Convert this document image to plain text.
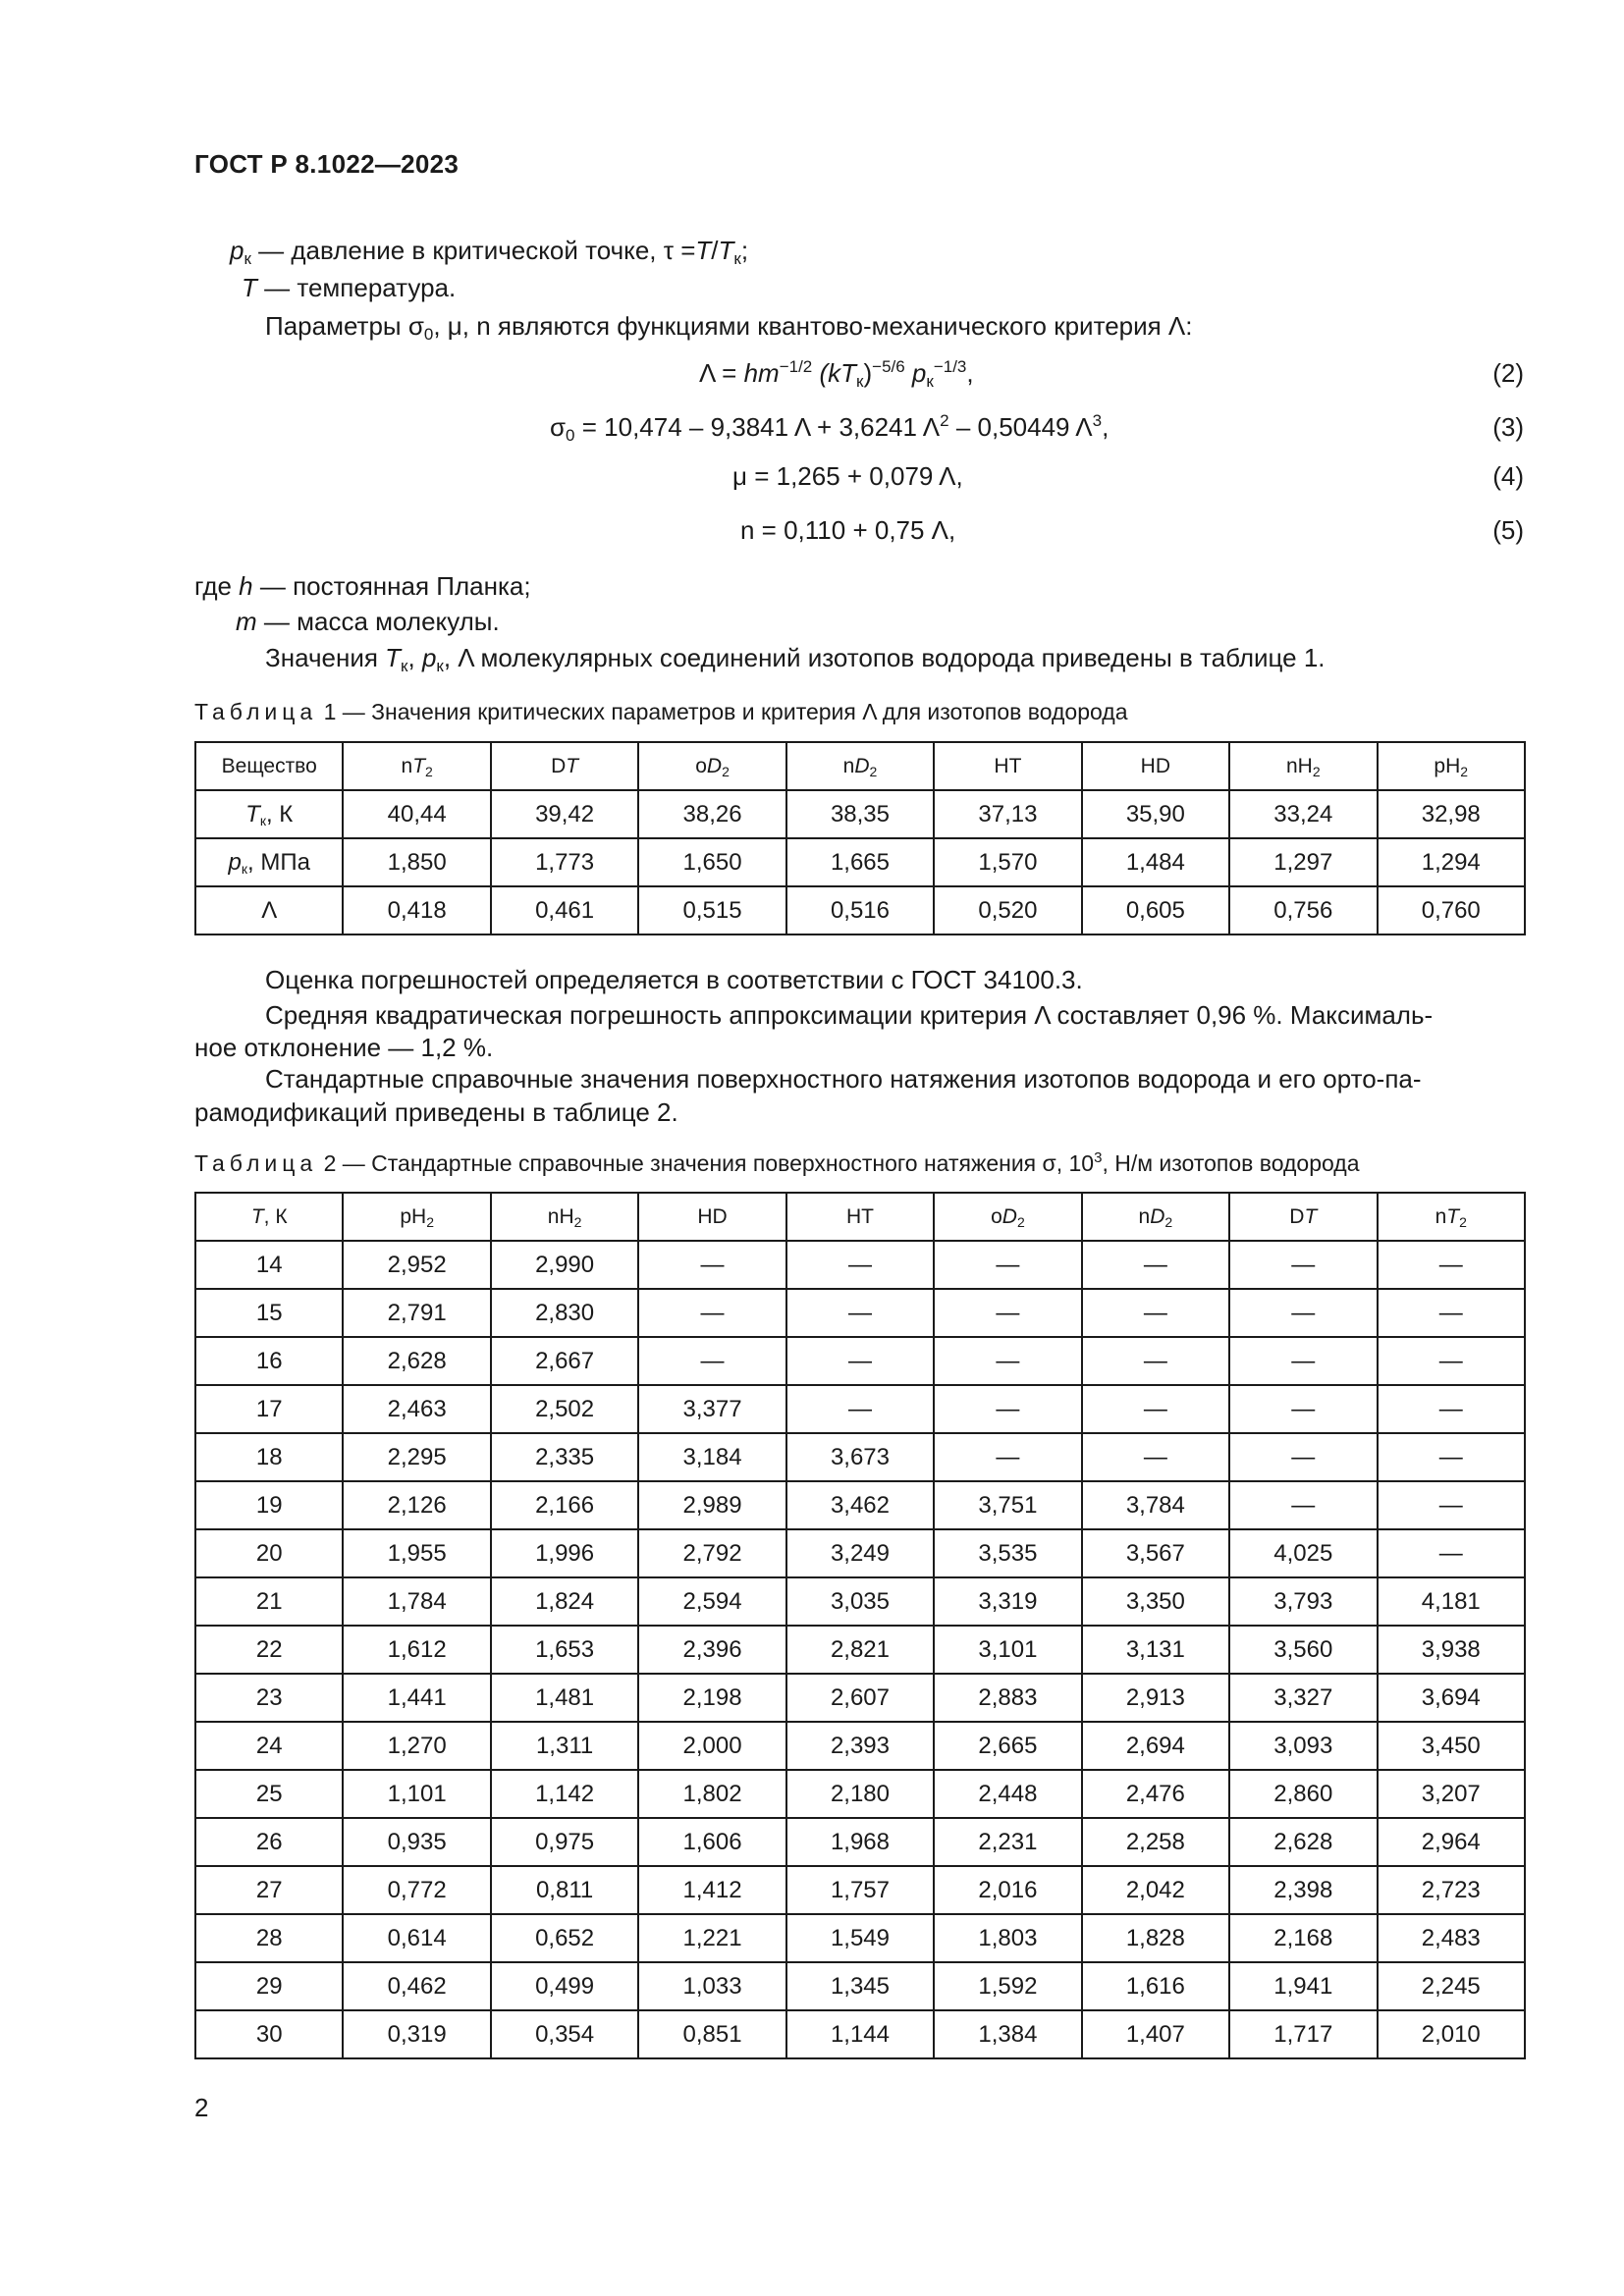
ГОСТ Р 8.1022—2023
$p_к$ — давление в критической точке, $\tau =T/T_к$;
T — температура.
Параметры $\sigma_0$, μ, n являются функциями квантово-механического критерия Λ:
$\Lambda = hm^{-1/2}$ $(kT_к)^{-5/6}$ $p_к^{-1/3}$,	(2)
$\sigma_0 = 10,474 - 9,3841$ Λ + 3,6241 $\Lambda^2 - 0,50449$ $\Lambda^3$,	(3)
μ = 1,265 + 0,079 Λ,	(4)
n = 0,110 + 0,75 Λ,	(5)
где h — постоянная Планка;
m — масса молекулы.
Значения $T_к$, $p_к$, Λ молекулярных соединений изотопов водорода приведены в таблице 1.
Таблица 1 — Значения критических параметров и критерия Λ для изотопов водорода
Вещество	$nT_2$	DT	$oD_2$	$nD_2$	HT	HD	$nH_2$	$pH_2$
$T_к$, К	40,44	39,42	38,26	38,35	37,13	35,90	33,24	32,98
$p_к$, МПа	1,850	1,773	1,650	1,665	1,570	1,484	1,297	1,294
Λ	0,418	0,461	0,515	0,516	0,520	0,605	0,756	0,760
Оценка погрешностей определяется в соответствии с ГОСТ 34100.3.
Средняя квадратическая погрешность аппроксимации критерия Λ составляет 0,96 %. Максималь-
ное отклонение — 1,2 %.
Стандартные справочные значения поверхностного натяжения изотопов водорода и его орто-па-
рамодификаций приведены в таблице 2.
Таблица 2 — Стандартные справочные значения поверхностного натяжения σ, $10^3$, Н/м изотопов водорода
T, К	$pH_2$	$nH_2$	HD	HT	$oD_2$	$nD_2$	DT	$nT_2$
14	2,952	2,990	—	—	—	—	—	—
15	2,791	2,830	—	—	—	—	—	—
16	2,628	2,667	—	—	—	—	—	—
17	2,463	2,502	3,377	—	—	—	—	—
18	2,295	2,335	3,184	3,673	—	—	—	—
19	2,126	2,166	2,989	3,462	3,751	3,784	—	—
20	1,955	1,996	2,792	3,249	3,535	3,567	4,025	—
21	1,784	1,824	2,594	3,035	3,319	3,350	3,793	4,181
22	1,612	1,653	2,396	2,821	3,101	3,131	3,560	3,938
23	1,441	1,481	2,198	2,607	2,883	2,913	3,327	3,694
24	1,270	1,311	2,000	2,393	2,665	2,694	3,093	3,450
25	1,101	1,142	1,802	2,180	2,448	2,476	2,860	3,207
26	0,935	0,975	1,606	1,968	2,231	2,258	2,628	2,964
27	0,772	0,811	1,412	1,757	2,016	2,042	2,398	2,723
28	0,614	0,652	1,221	1,549	1,803	1,828	2,168	2,483
29	0,462	0,499	1,033	1,345	1,592	1,616	1,941	2,245
30	0,319	0,354	0,851	1,144	1,384	1,407	1,717	2,010
2
